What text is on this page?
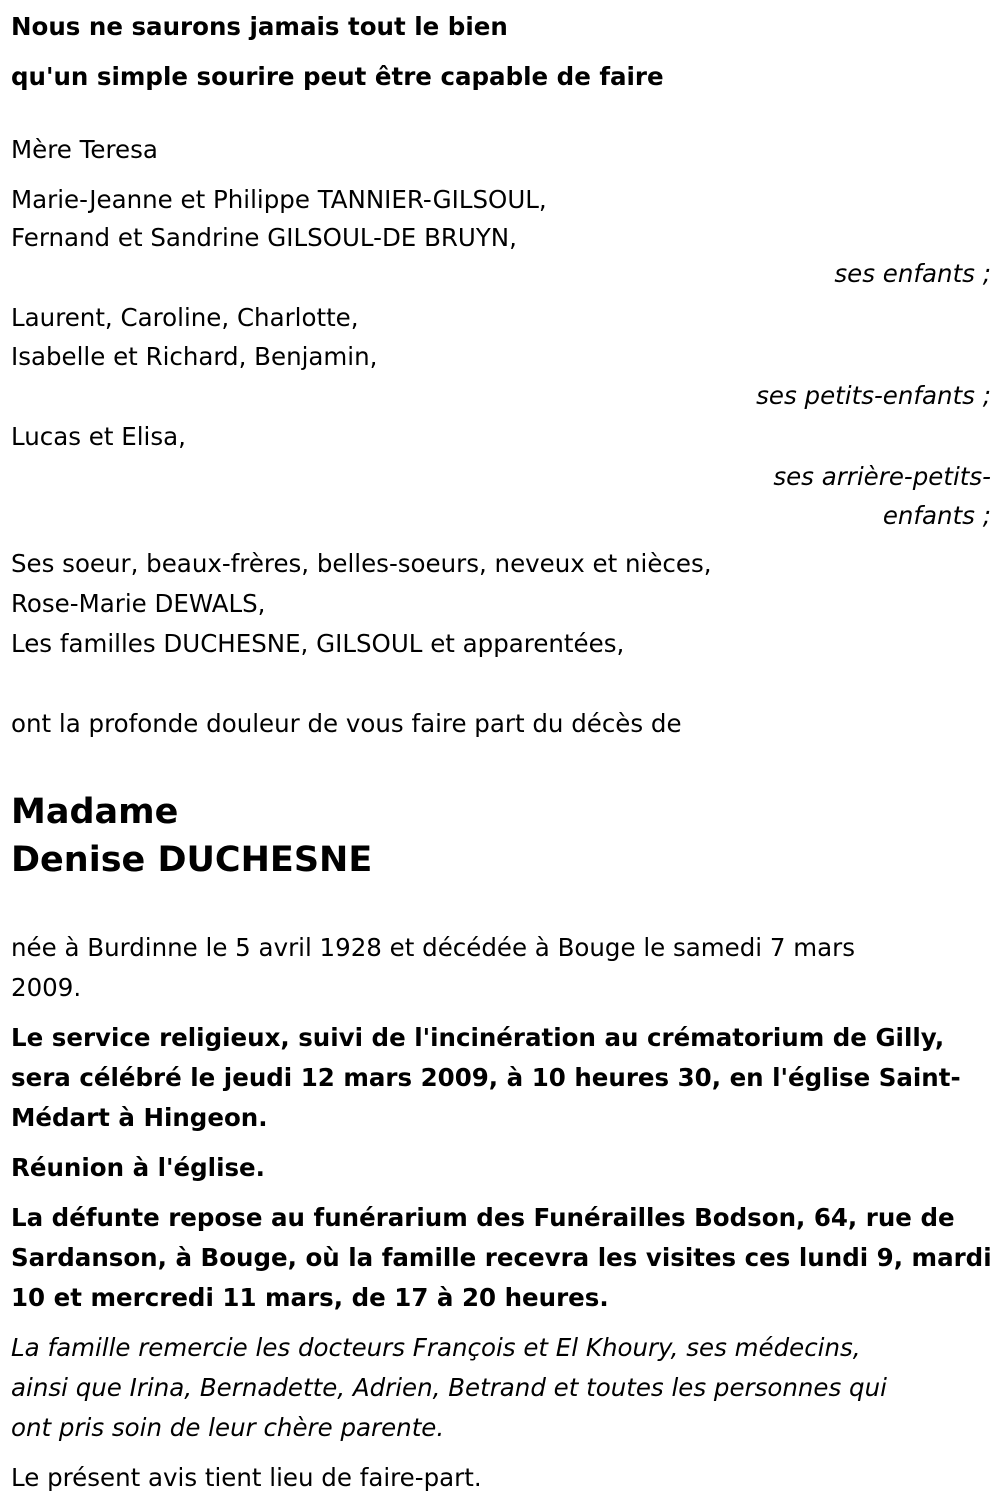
Nous ne saurons jamais tout le bien
qu'un simple sourire peut être capable de faire
Mère Teresa
Marie-Jeanne et Philippe TANNIER-GILSOUL,
Fernand et Sandrine GILSOUL-DE BRUYN,
ses enfants ;
Laurent, Caroline, Charlotte,
Isabelle et Richard, Benjamin,
ses petits-enfants ;
Lucas et Elisa,
ses arrière-petits-
enfants ;
Ses soeur, beaux-frères, belles-soeurs, neveux et nièces,
Rose-Marie DEWALS,
Les familles DUCHESNE, GILSOUL et apparentées,
ont la profonde douleur de vous faire part du décès de
Madame
Denise DUCHESNE
née à Burdinne le 5 avril 1928 et décédée à Bouge le samedi 7 mars
2009.
Le service religieux, suivi de l'incinération au crématorium de Gilly,
sera célébré le jeudi 12 mars 2009, à 10 heures 30, en l'église Saint-
Médart à Hingeon.
Réunion à l'église.
La défunte repose au funérarium des Funérailles Bodson, 64, rue de
Sardanson, à Bouge, où la famille recevra les visites ces lundi 9, mardi
10 et mercredi 11 mars, de 17 à 20 heures.
La famille remercie les docteurs François et El Khoury, ses médecins,
ainsi que Irina, Bernadette, Adrien, Betrand et toutes les personnes qui
ont pris soin de leur chère parente.
Le présent avis tient lieu de faire-part.
